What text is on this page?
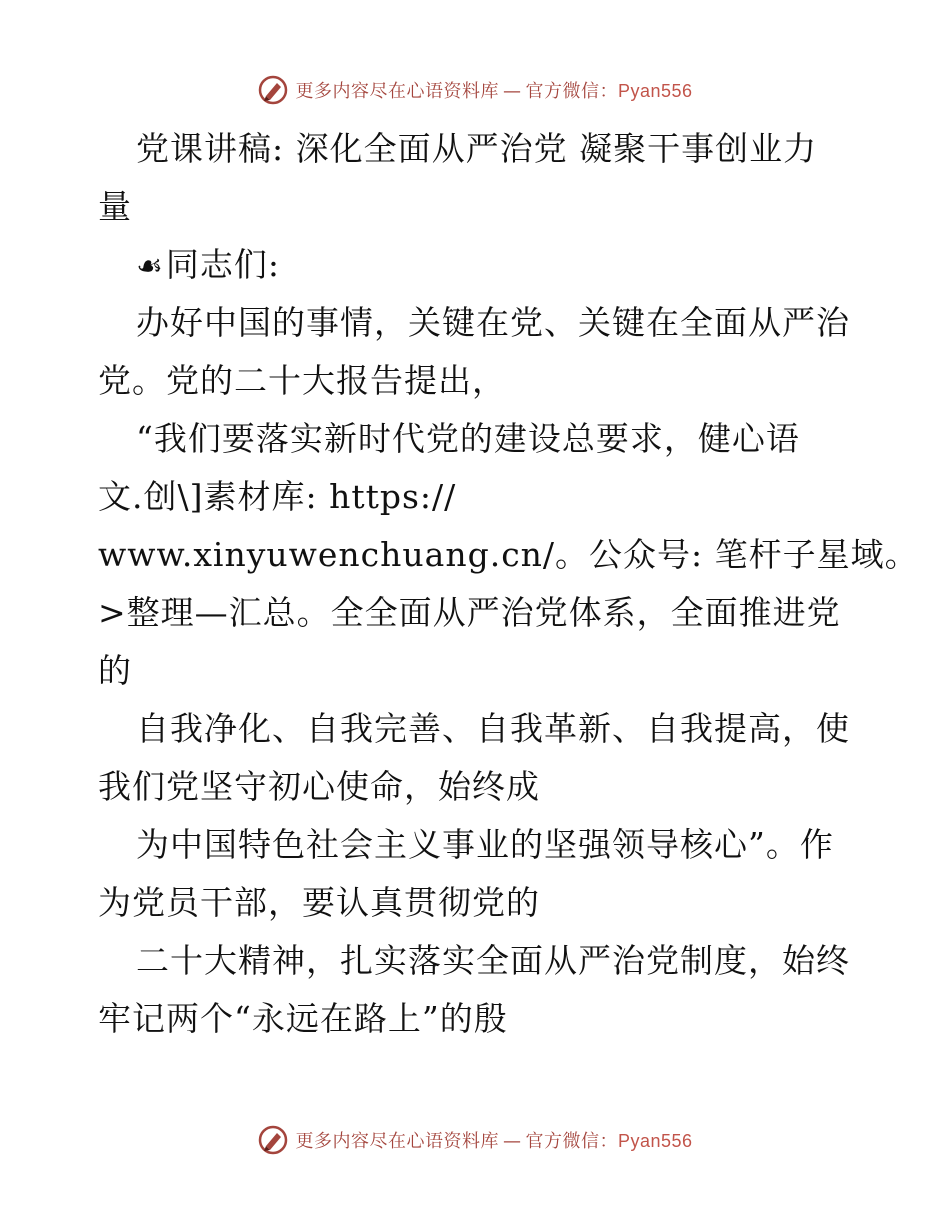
更多内容尽在心语资料库 — 官方微信：Pyan556
党课讲稿: 深化全面从严治党 凝聚干事创业力
量
☙同志们:
办好中国的事情，关键在党、关键在全面从严治
党。党的二十大报告提出，
“我们要落实新时代党的建设总要求，健心语
文.创\]素材库: https://
www.xinyuwenchuang.cn/。公众号: 笔杆子星域。
>整理—汇总。全全面从严治党体系，全面推进党
的
自我净化、自我完善、自我革新、自我提高，使
我们党坚守初心使命，始终成
为中国特色社会主义事业的坚强领导核心”。作
为党员干部，要认真贯彻党的
二十大精神，扎实落实全面从严治党制度，始终
牢记两个“永远在路上”的殷
更多内容尽在心语资料库 — 官方微信：Pyan556
